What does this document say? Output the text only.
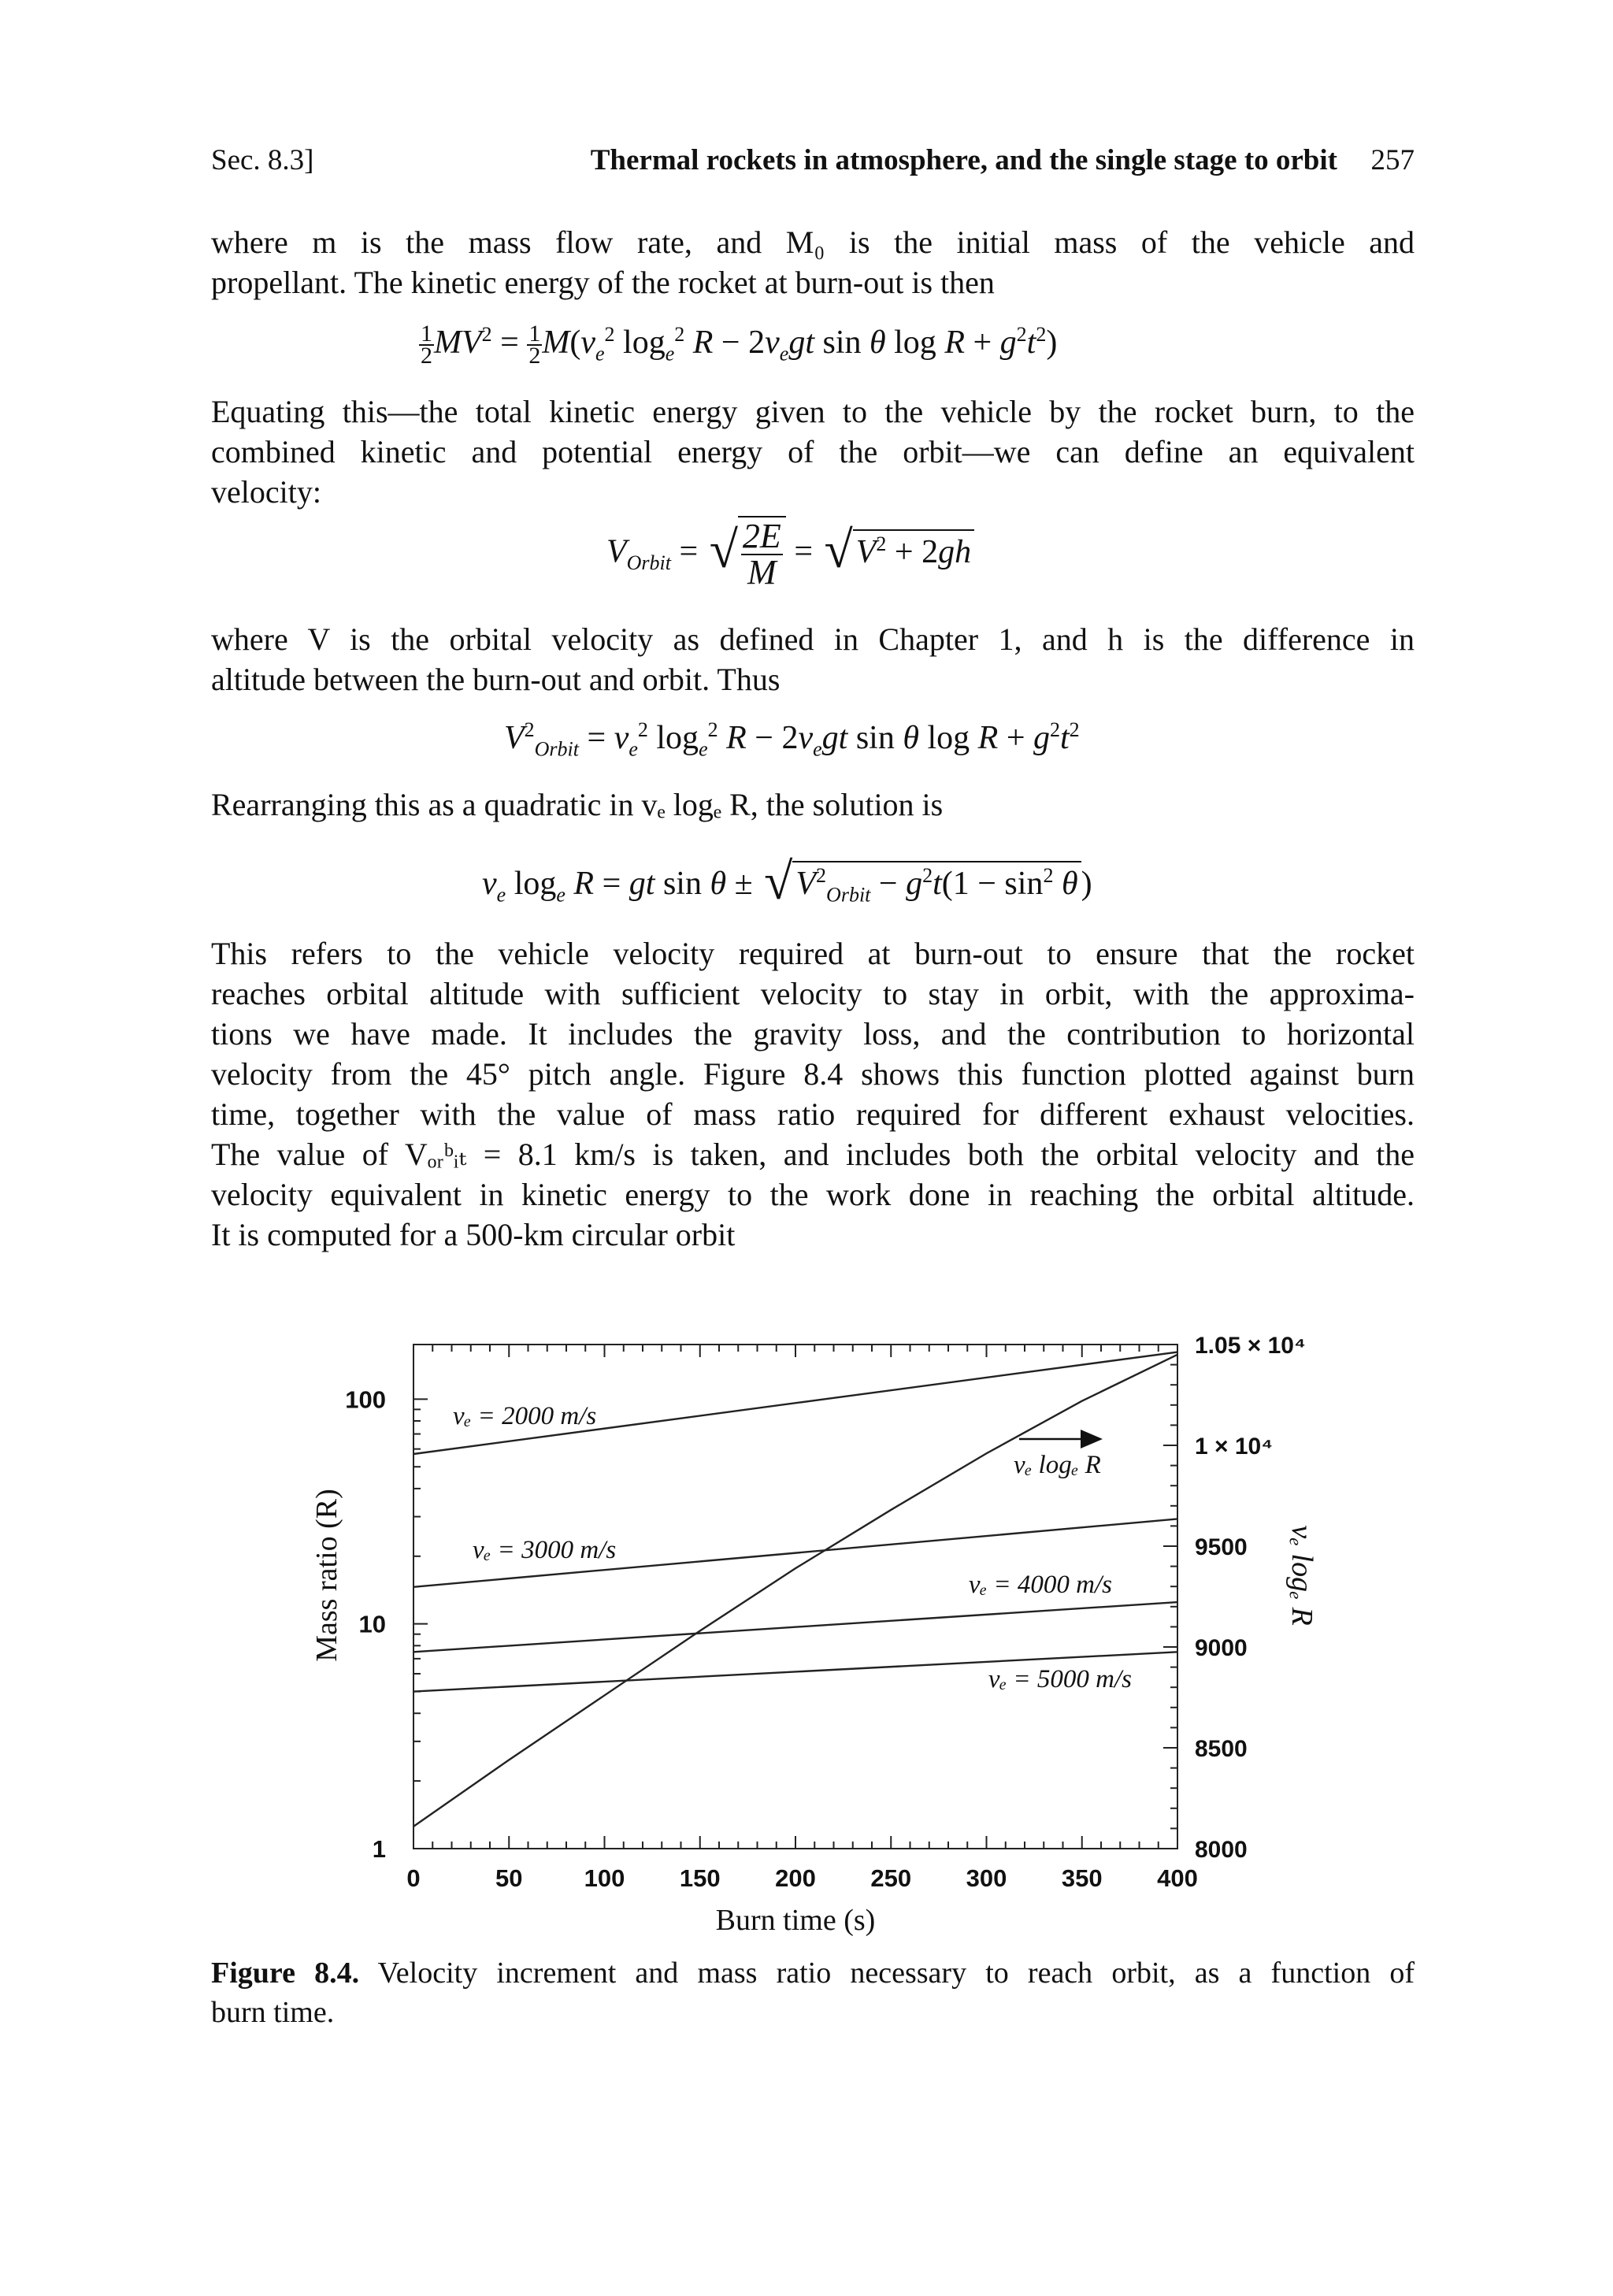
Sec. 8.3]	Thermal rockets in atmosphere, and the single stage to orbit 257

where m is the mass flow rate, and M₀ is the initial mass of the vehicle and
propellant. The kinetic energy of the rocket at burn-out is then

$\frac{1}{2} MV^2 = \frac{1}{2} M(v_e^2$ $\log_e^2 R - 2v_egt$ sin θ $\log R + g^2t^2$)

Equating this—the total kinetic energy given to the vehicle by the rocket burn, to the
combined kinetic and potential energy of the orbit—we can define an equivalent
velocity:

$V_{Orbit}$ = √ $\frac{2E}{M} = √V^2 + 2gh$

where V is the orbital velocity as defined in Chapter 1, and h is the difference in
altitude between the burn-out and orbit. Thus

$V^2_{Orbit} = v_e^2$ $\log_e^2 R - 2v_egt$ sin θ $\log R + g^2t^2$

Rearranging this as a quadratic in vₑ logₑ R, the solution is

$v_e$ $\log_e R$ = gt $\sin \theta \pm √V^2_{Orbit} - g^2t(1 - \sin^2 \theta)$

This refers to the vehicle velocity required at burn-out to ensure that the rocket
reaches orbital altitude with sufficient velocity to stay in orbit, with the approxima-
tions we have made. It includes the gravity loss, and the contribution to horizontal
velocity from the 45° pitch angle. Figure 8.4 shows this function plotted against burn
time, together with the value of mass ratio required for different exhaust velocities.
The value of Vₒᵣᵇᵢₜ = 8.1 km/s is taken, and includes both the orbital velocity and the
velocity equivalent in kinetic energy to the work done in reaching the orbital altitude.
It is computed for a 500-km circular orbit

0	50	100 150 200 250 300 350 400
1
10
100
8000
8500
9000
9500
1 × 10⁴
1.05 × 10⁴
Burn time (s)
Mass ratio (R)	vₑ logₑ R
vₑ = 2000 m/s
vₑ = 3000 m/s
vₑ = 4000 m/s
vₑ = 5000 m/s
vₑ logₑ R

Figure 8.4. Velocity increment and mass ratio necessary to reach orbit, as a function of
burn time.
